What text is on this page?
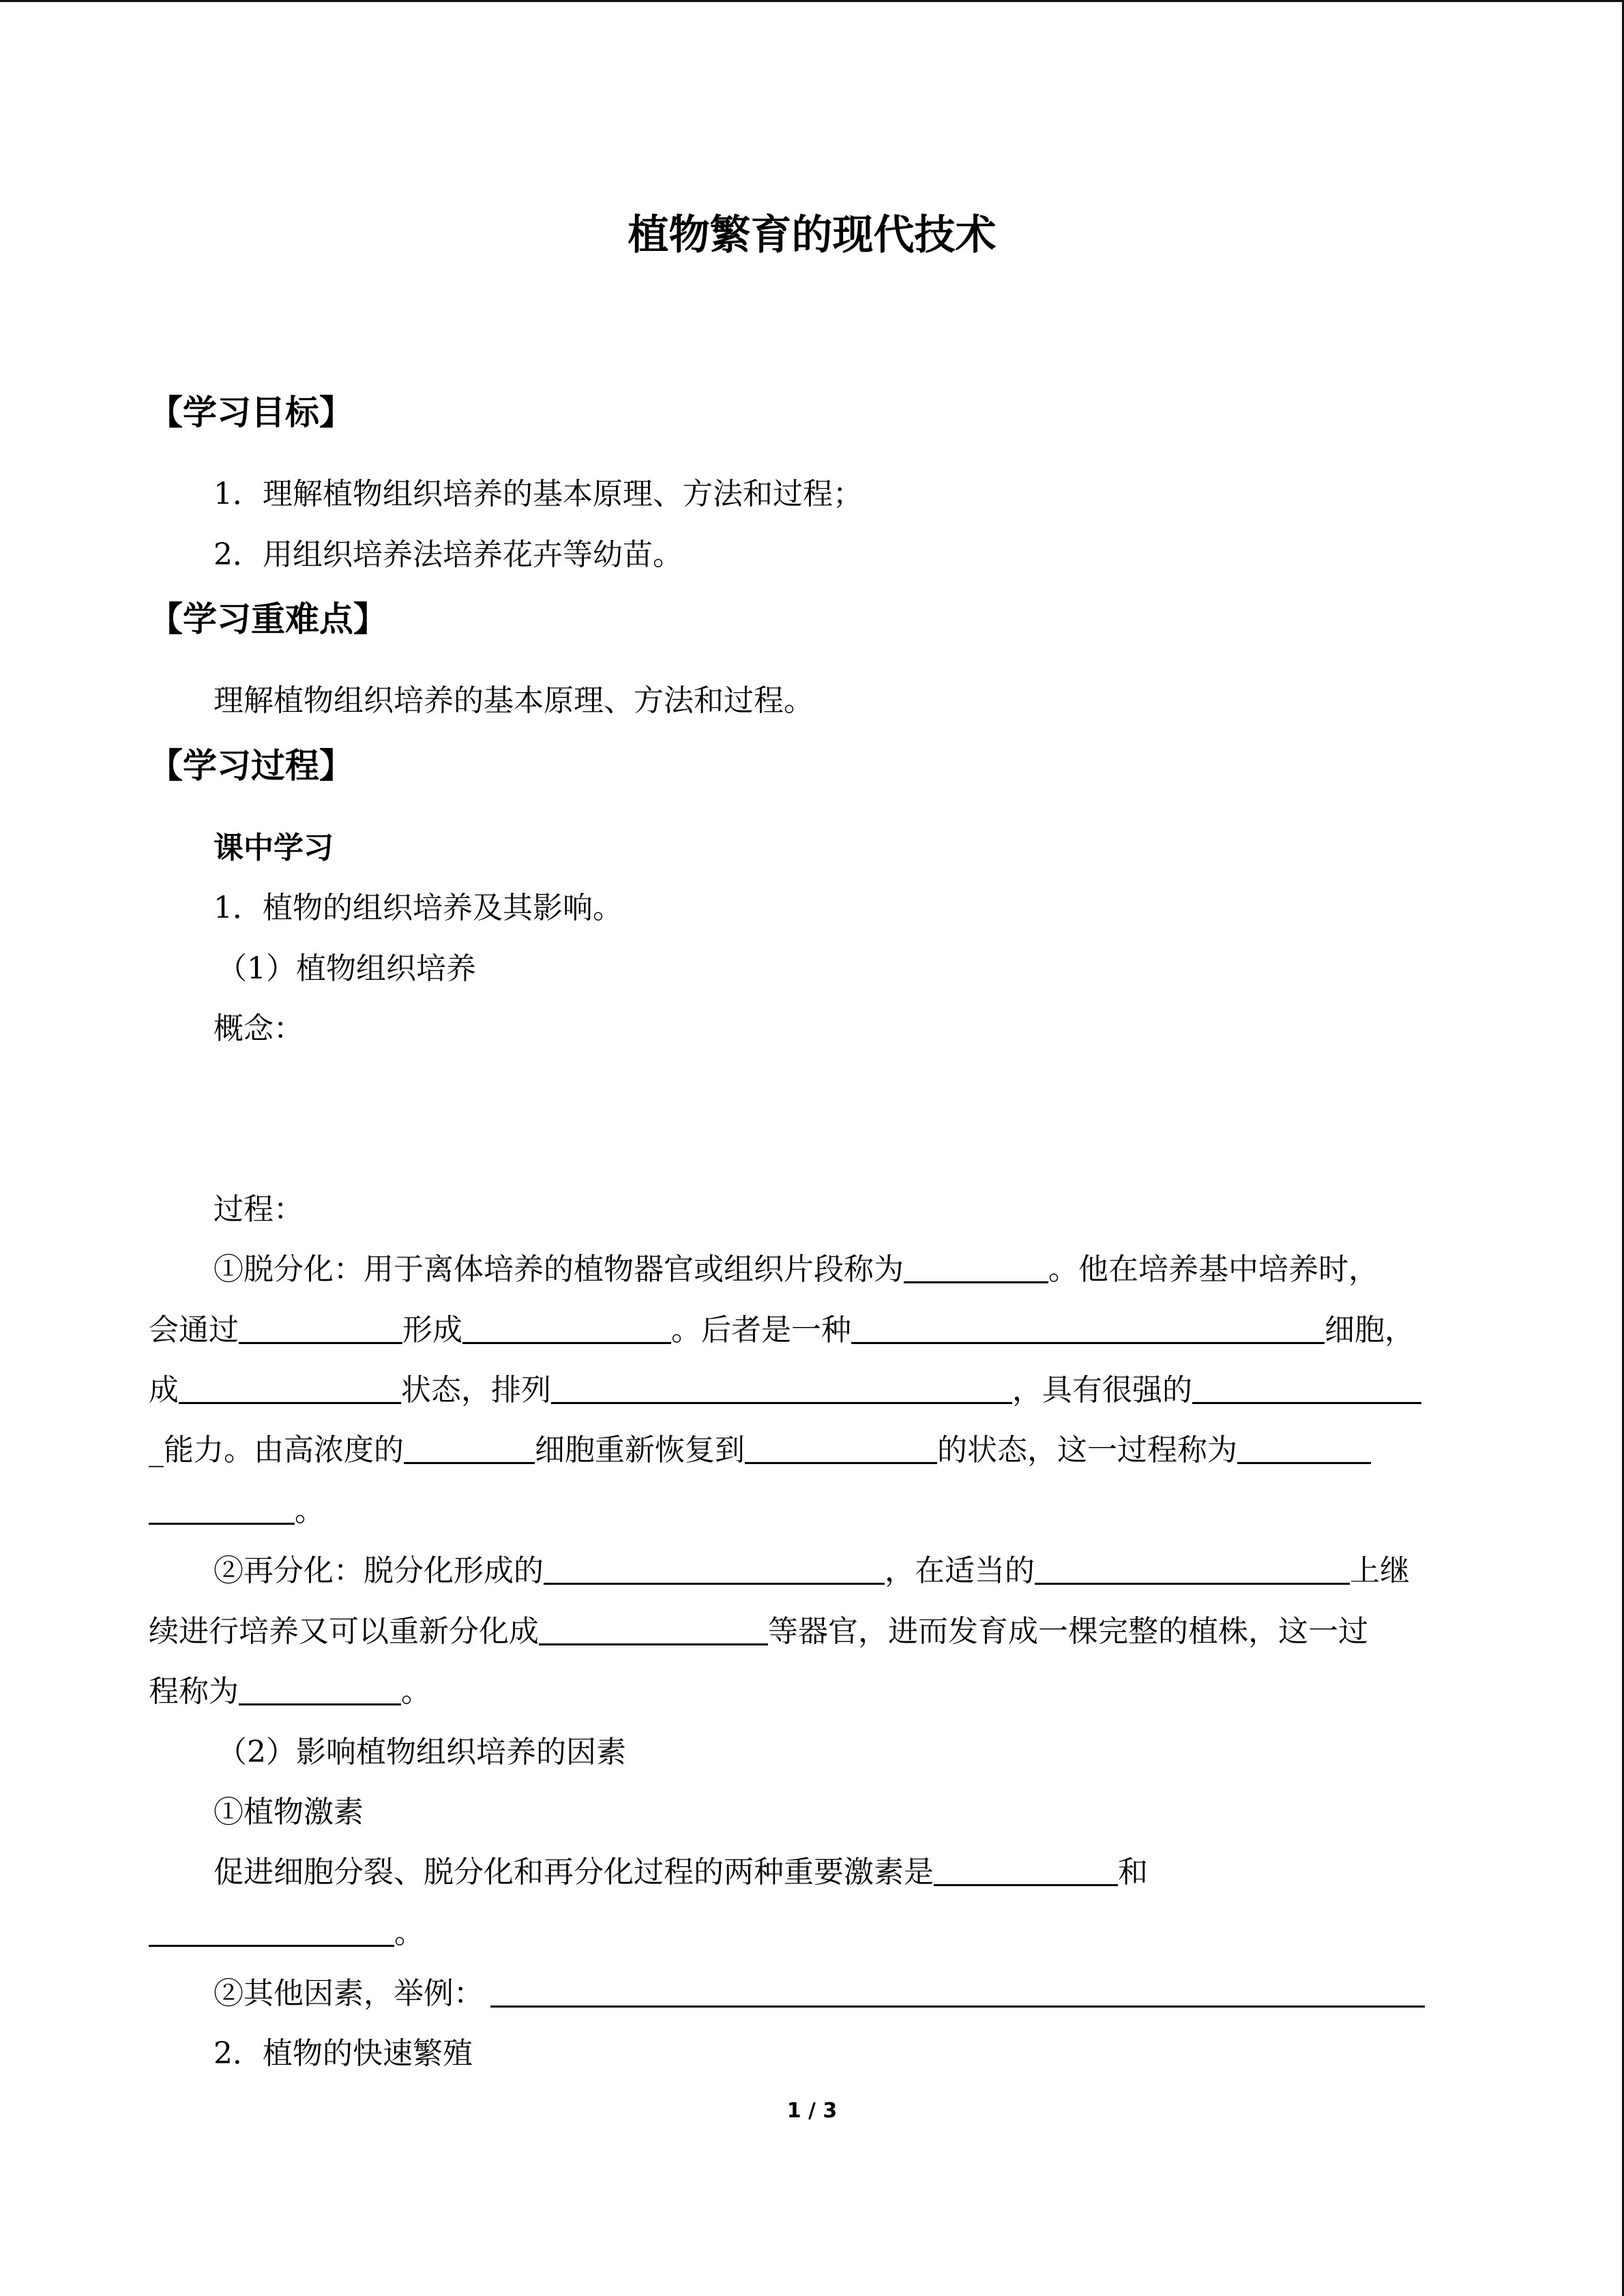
植物繁育的现代技术
【学习目标】
1．理解植物组织培养的基本原理、方法和过程；
2．用组织培养法培养花卉等幼苗。
【学习重难点】
理解植物组织培养的基本原理、方法和过程。
【学习过程】
课中学习
1．植物的组织培养及其影响。
（1）植物组织培养
概念：
过程：
①脱分化：用于离体培养的植物器官或组织片段称为	。他在培养基中培养时，
会通过	形成	。后者是一种	细胞，
成	状态，排列	，具有很强的
_能力。由高浓度的	细胞重新恢复到	的状态，这一过程称为
。
②再分化：脱分化形成的	，在适当的	上继
续进行培养又可以重新分化成	等器官，进而发育成一棵完整的植株，这一过
程称为	。
（2）影响植物组织培养的因素
①植物激素
促进细胞分裂、脱分化和再分化过程的两种重要激素是	和
。
②其他因素，举例：
2．植物的快速繁殖
1 / 3
